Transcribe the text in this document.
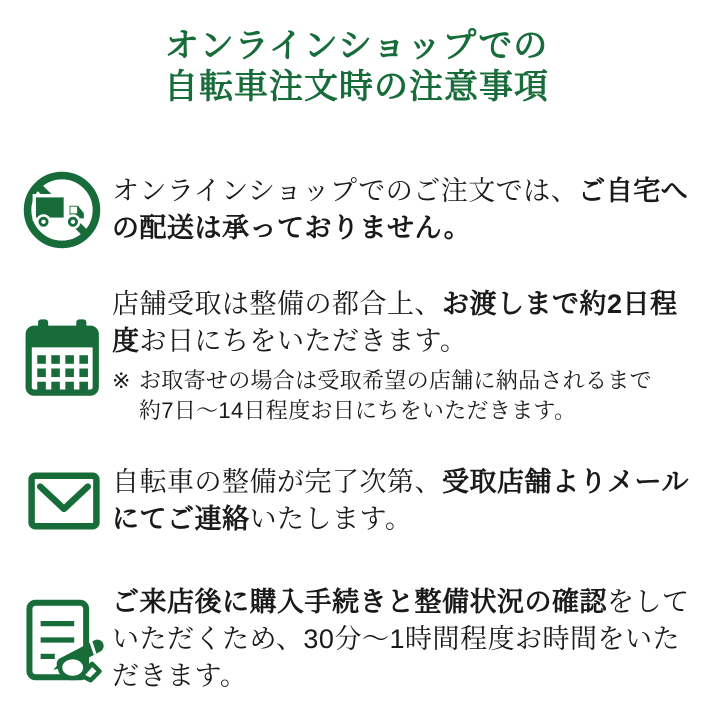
オンラインショップでの
自転車注文時の注意事項
オンラインショップでのご注文では、ご自宅への配送は承っておりません。
店舗受取は整備の都合上、お渡しまで約2日程度お日にちをいただきます。
※ お取寄せの場合は受取希望の店舗に納品されるまで
約7日〜14日程度お日にちをいただきます。
自転車の整備が完了次第、受取店舗よりメールにてご連絡いたします。
ご来店後に購入手続きと整備状況の確認をしていただくため、30分〜1時間程度お時間をいただきます。
